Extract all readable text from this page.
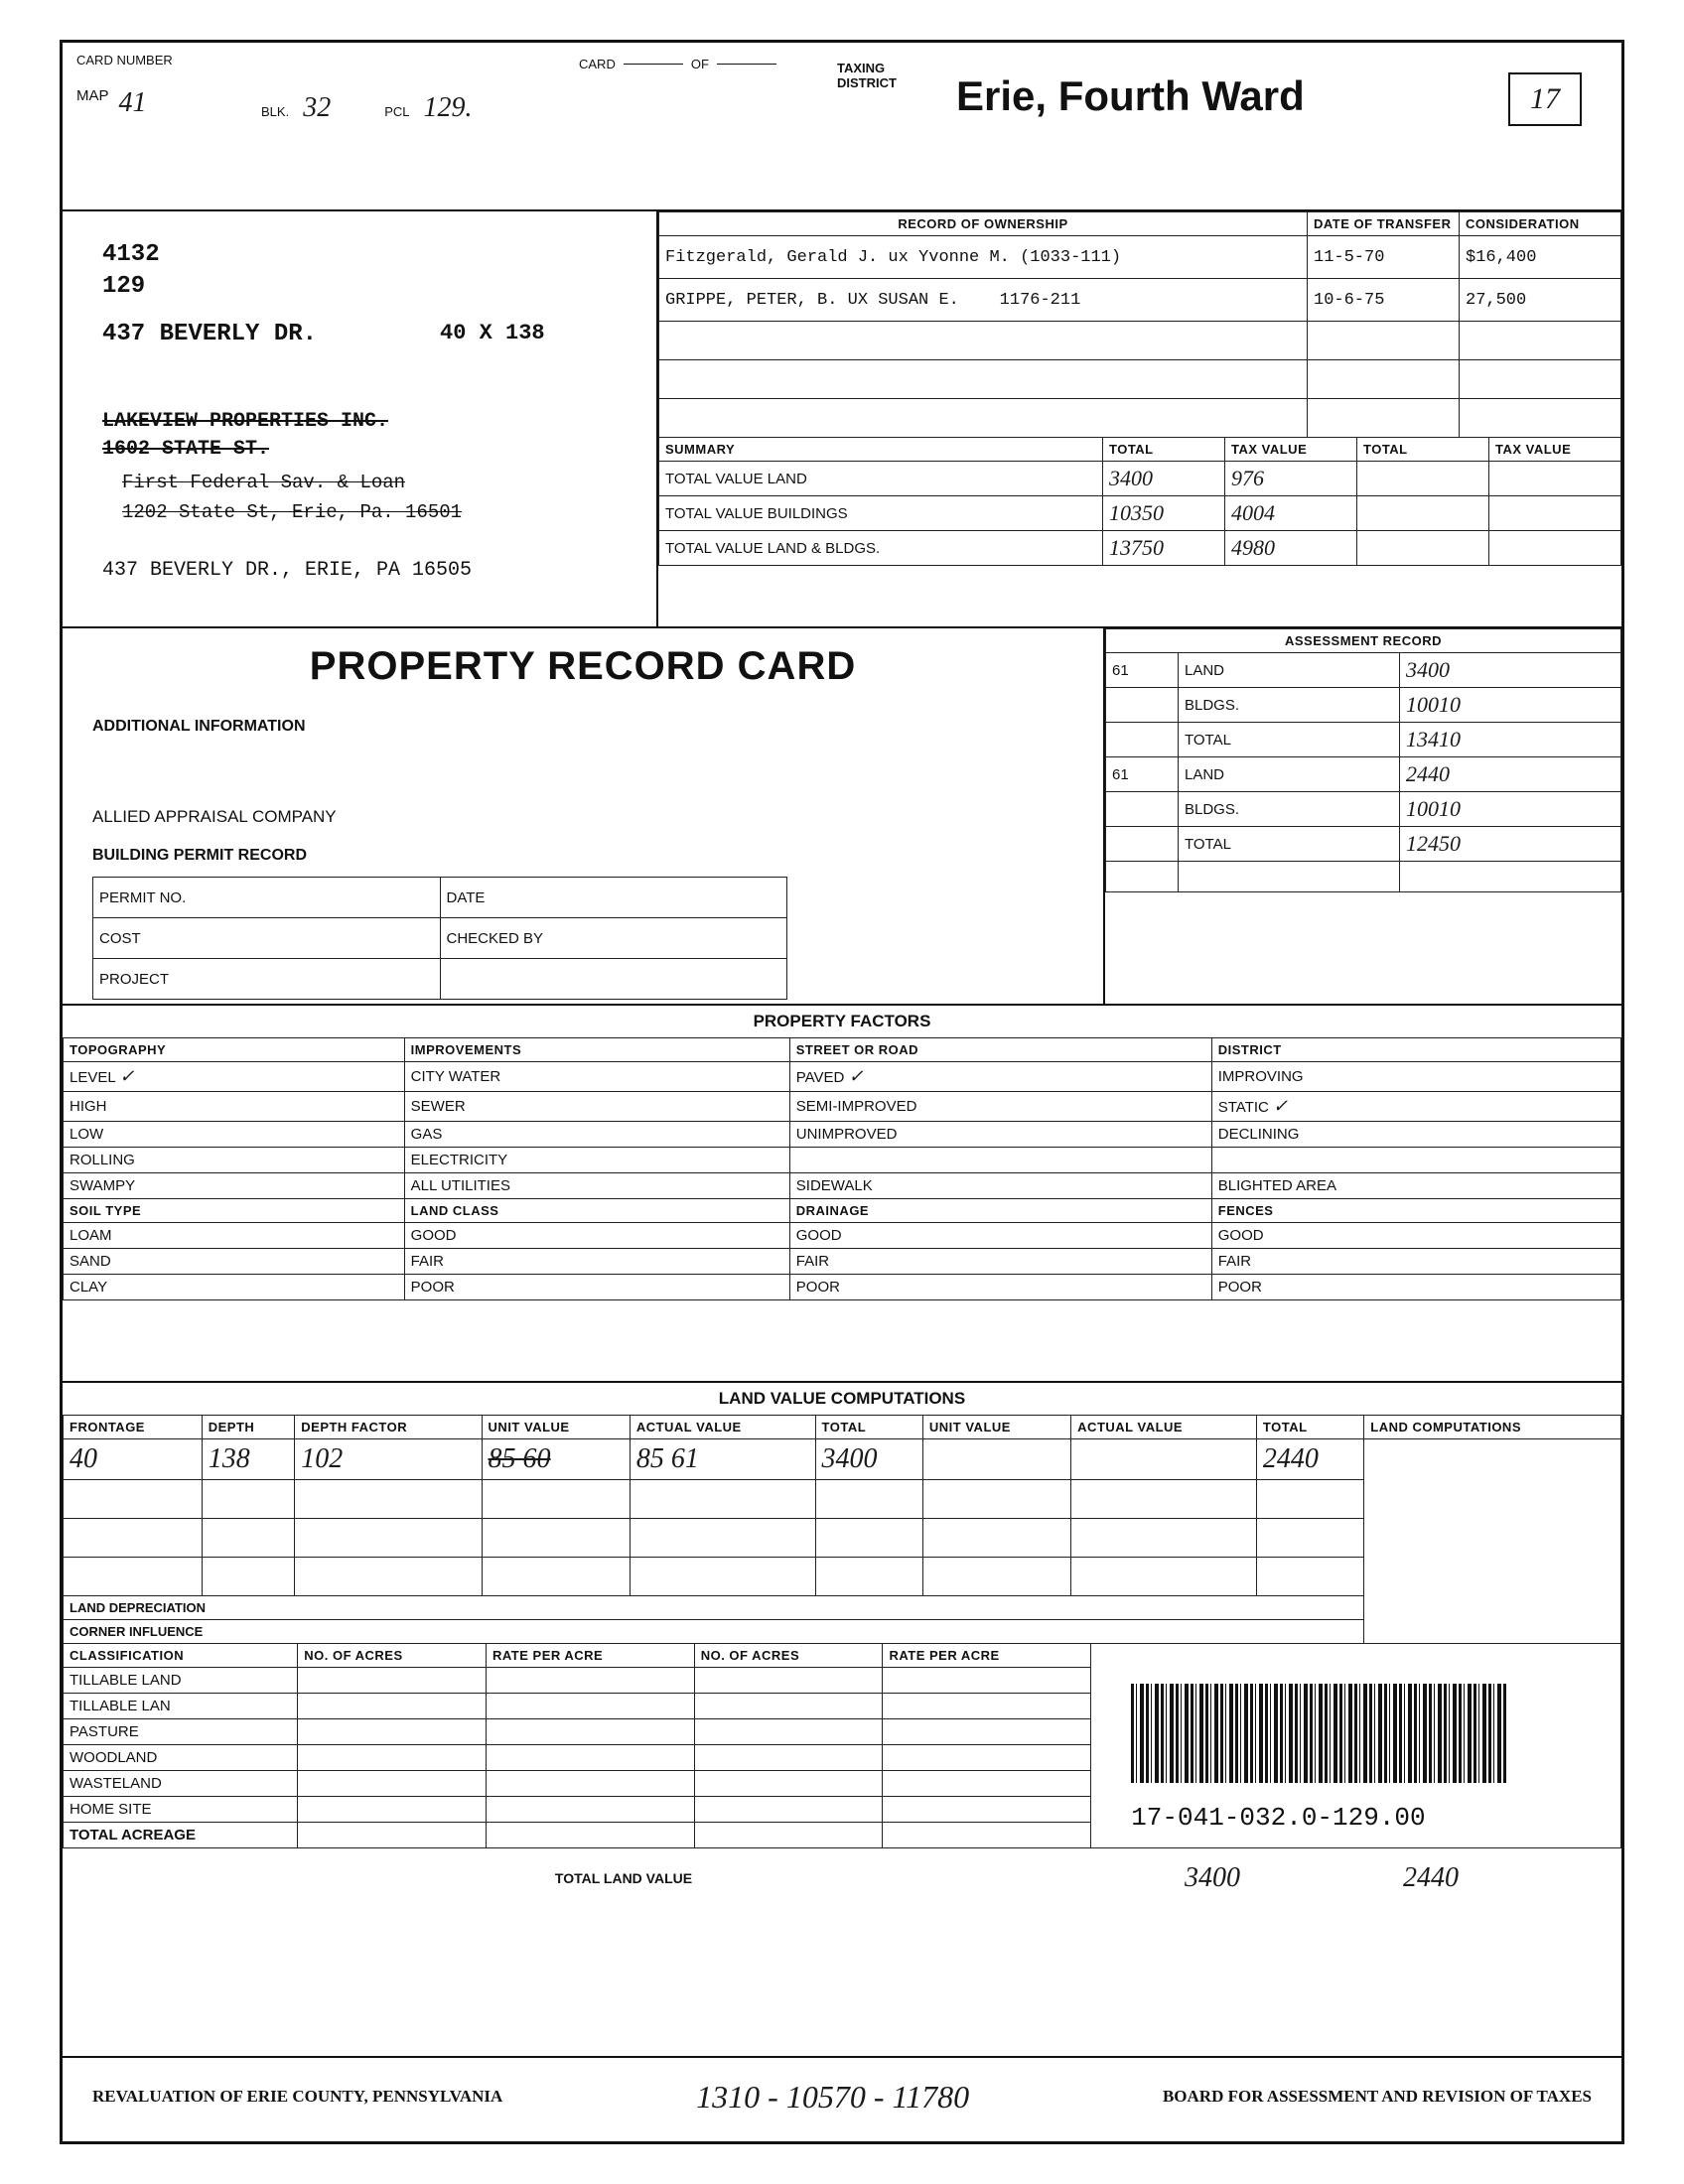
CARD NUMBER
MAP 41	BLK. 32	PCL 129.
CARD	OF	TAXING DISTRICT	Erie, Fourth Ward	17
4132
129
437 BEVERLY DR.	40 X 138
LAKEVIEW PROPERTIES INC.
1602 STATE ST.
First Federal Sav. & Loan
1202 State St, Erie, Pa. 16501
437 BEVERLY DR., ERIE, PA 16505
RECORD OF OWNERSHIP	DATE OF TRANSFER	CONSIDERATION
Fitzgerald, Gerald J. ux Yvonne M. (1033-111)	11-5-70	$16,400
GRIPPE, PETER, B. UX SUSAN E. 1176-211	10-6-75	27,500

SUMMARY	TOTAL	TAX VALUE	TOTAL	TAX VALUE
TOTAL VALUE LAND	3400	976		
TOTAL VALUE BUILDINGS	10350	4004		
TOTAL VALUE LAND & BLDGS.	13750	4980		
PROPERTY RECORD CARD
ADDITIONAL INFORMATION
ALLIED APPRAISAL COMPANY
BUILDING PERMIT RECORD
PERMIT NO.	DATE
COST	CHECKED BY
PROJECT	
ASSESSMENT RECORD		
61	LAND	3400
	BLDGS.	10010
	TOTAL	13410
61	LAND	2440
	BLDGS.	10010
	TOTAL	12450

PROPERTY FACTORS
TOPOGRAPHY	IMPROVEMENTS	STREET OR ROAD	DISTRICT
LEVEL ✓	CITY WATER	PAVED ✓	IMPROVING
HIGH	SEWER	SEMI-IMPROVED	STATIC ✓
LOW	GAS	UNIMPROVED	DECLINING
ROLLING	ELECTRICITY		
SWAMPY	ALL UTILITIES	SIDEWALK	BLIGHTED AREA
SOIL TYPE	LAND CLASS	DRAINAGE	FENCES
LOAM	GOOD	GOOD	GOOD
SAND	FAIR	FAIR	FAIR
CLAY	POOR	POOR	POOR
LAND VALUE COMPUTATIONS
FRONTAGE	DEPTH	DEPTH FACTOR	UNIT VALUE	ACTUAL VALUE	TOTAL	UNIT VALUE	ACTUAL VALUE	TOTAL	LAND COMPUTATIONS
40	138	102	85 60	85 61	3400			2440	

LAND DEPRECIATION									
CORNER INFLUENCE									
CLASSIFICATION	NO. OF ACRES	RATE PER ACRE	NO. OF ACRES	RATE PER ACRE
TILLABLE LAND				
TILLABLE LAN				
PASTURE				
WOODLAND				
WASTELAND				
HOME SITE				
TOTAL ACREAGE				
17-041-032.0-129.00
TOTAL LAND VALUE	3400	2440
REVALUATION OF ERIE COUNTY, PENNSYLVANIA	1310 - 10570 - 11780	BOARD FOR ASSESSMENT AND REVISION OF TAXES
